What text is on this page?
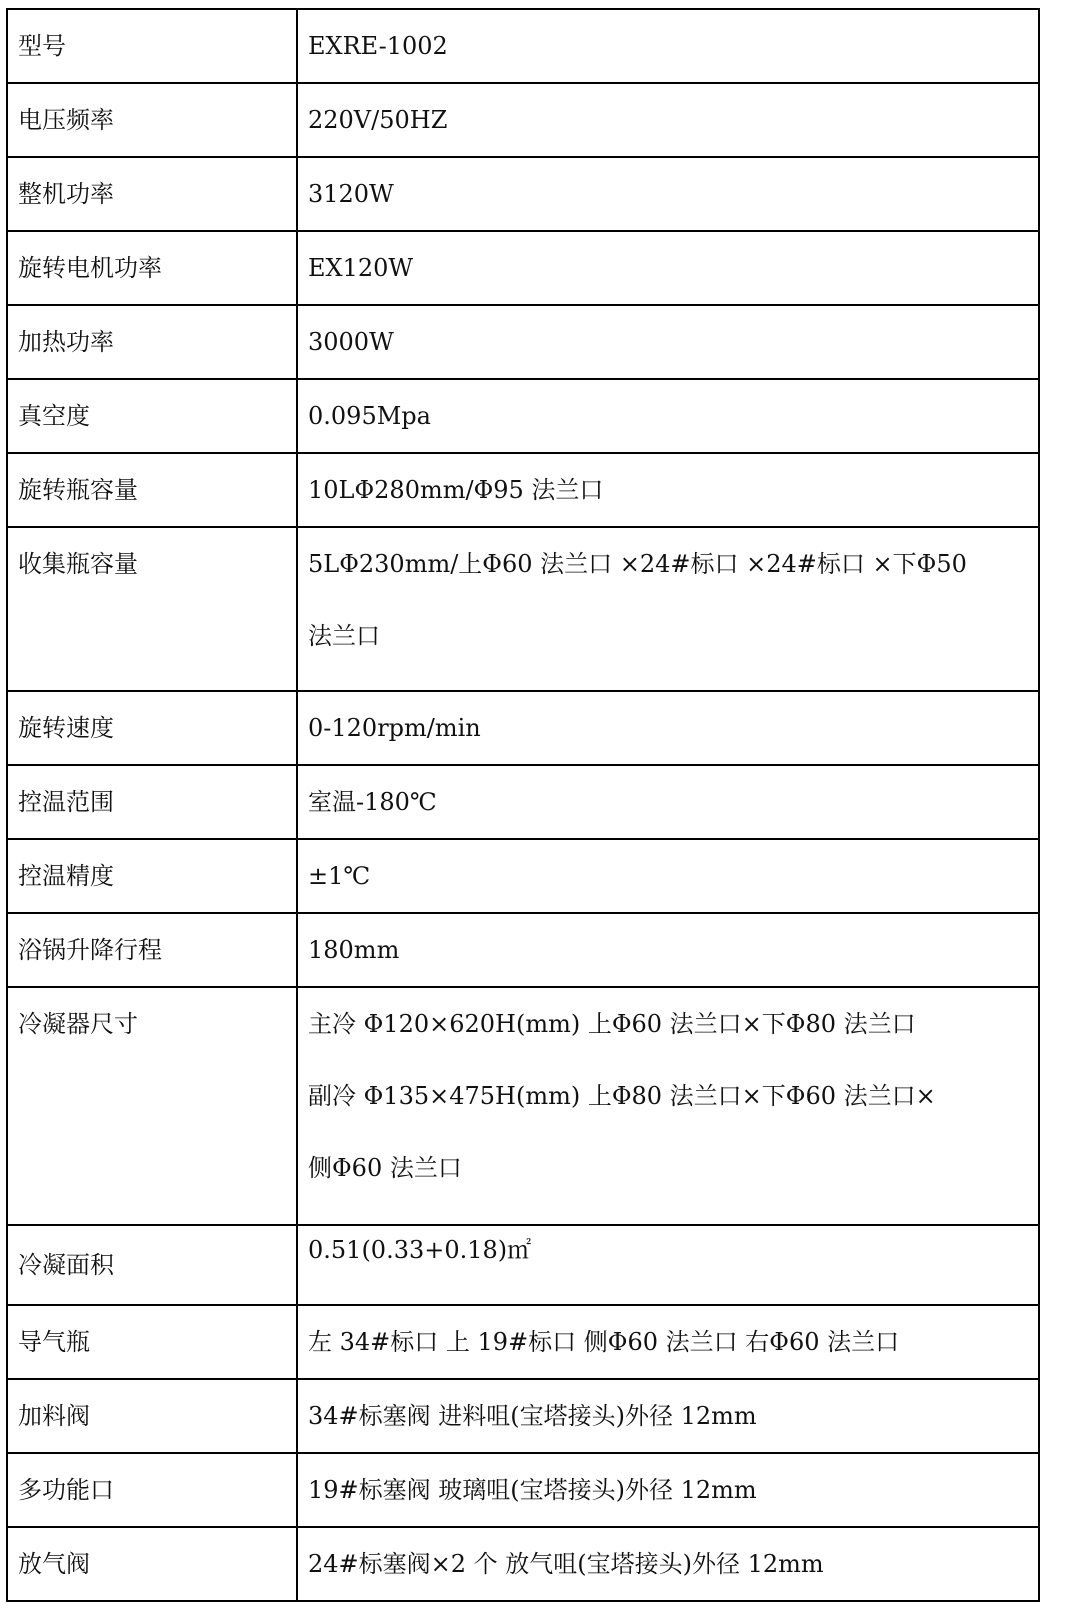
型号	EXRE-1002
电压频率	220V/50HZ
整机功率	3120W
旋转电机功率	EX120W
加热功率	3000W
真空度	0.095Mpa
旋转瓶容量	10LΦ280mm/Φ95 法兰口
收集瓶容量	5LΦ230mm/上Φ60 法兰口 ×24#标口 ×24#标口 ×下Φ50
法兰口

旋转速度	0-120rpm/min
控温范围	室温-180℃
控温精度	±1℃
浴锅升降行程	180mm
冷凝器尺寸	主冷 Φ120×620H(mm) 上Φ60 法兰口×下Φ80 法兰口
副冷 Φ135×475H(mm) 上Φ80 法兰口×下Φ60 法兰口×
侧Φ60 法兰口

冷凝面积	0.51(0.33+0.18)㎡
导气瓶	左 34#标口 上 19#标口 侧Φ60 法兰口 右Φ60 法兰口
加料阀	34#标塞阀 进料咀(宝塔接头)外径 12mm
多功能口	19#标塞阀 玻璃咀(宝塔接头)外径 12mm
放气阀	24#标塞阀×2 个 放气咀(宝塔接头)外径 12mm
